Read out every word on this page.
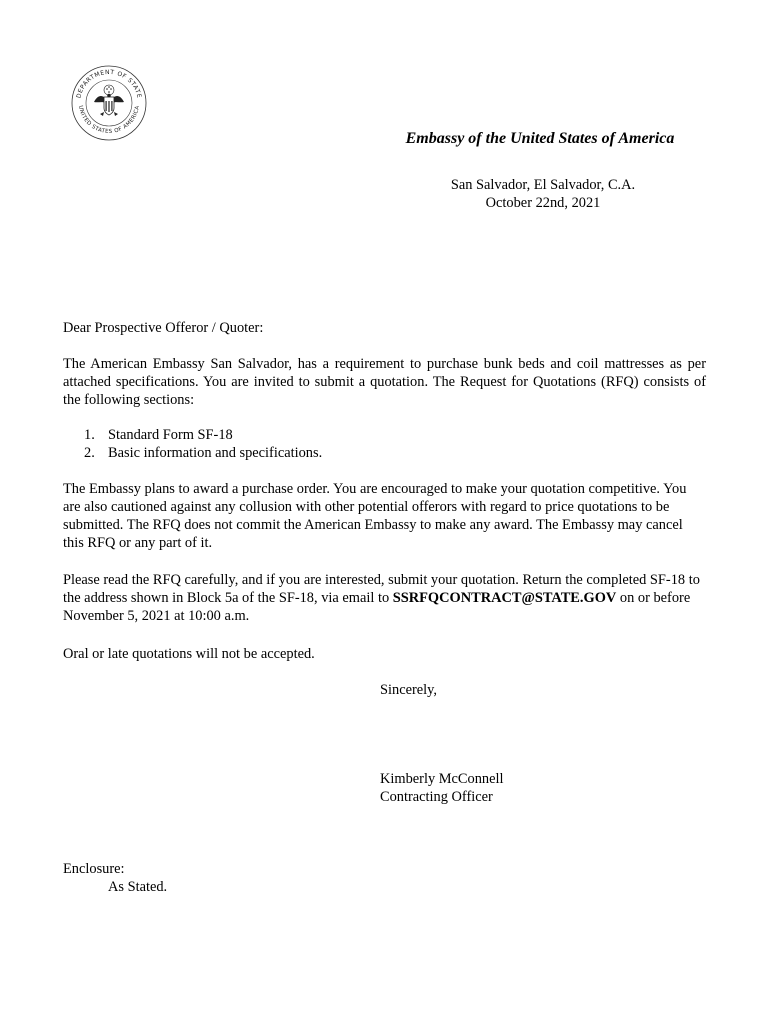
DEPARTMENT OF STATE
UNITED STATES OF AMERICA
Embassy of the United States of America
San Salvador, El Salvador, C.A.
October 22nd, 2021
Dear Prospective Offeror / Quoter:
The American Embassy San Salvador, has a requirement to purchase bunk beds and coil mattresses as per attached specifications. You are invited to submit a quotation. The Request for Quotations (RFQ) consists of the following sections:
1. Standard Form SF-18
2. Basic information and specifications.
The Embassy plans to award a purchase order. You are encouraged to make your quotation competitive. You are also cautioned against any collusion with other potential offerors with regard to price quotations to be submitted. The RFQ does not commit the American Embassy to make any award. The Embassy may cancel this RFQ or any part of it.
Please read the RFQ carefully, and if you are interested, submit your quotation. Return the completed SF-18 to the address shown in Block 5a of the SF-18, via email to SSRFQCONTRACT@STATE.GOV on or before November 5, 2021 at 10:00 a.m.
Oral or late quotations will not be accepted.
Sincerely,
Kimberly McConnell
Contracting Officer
Enclosure:
As Stated.
